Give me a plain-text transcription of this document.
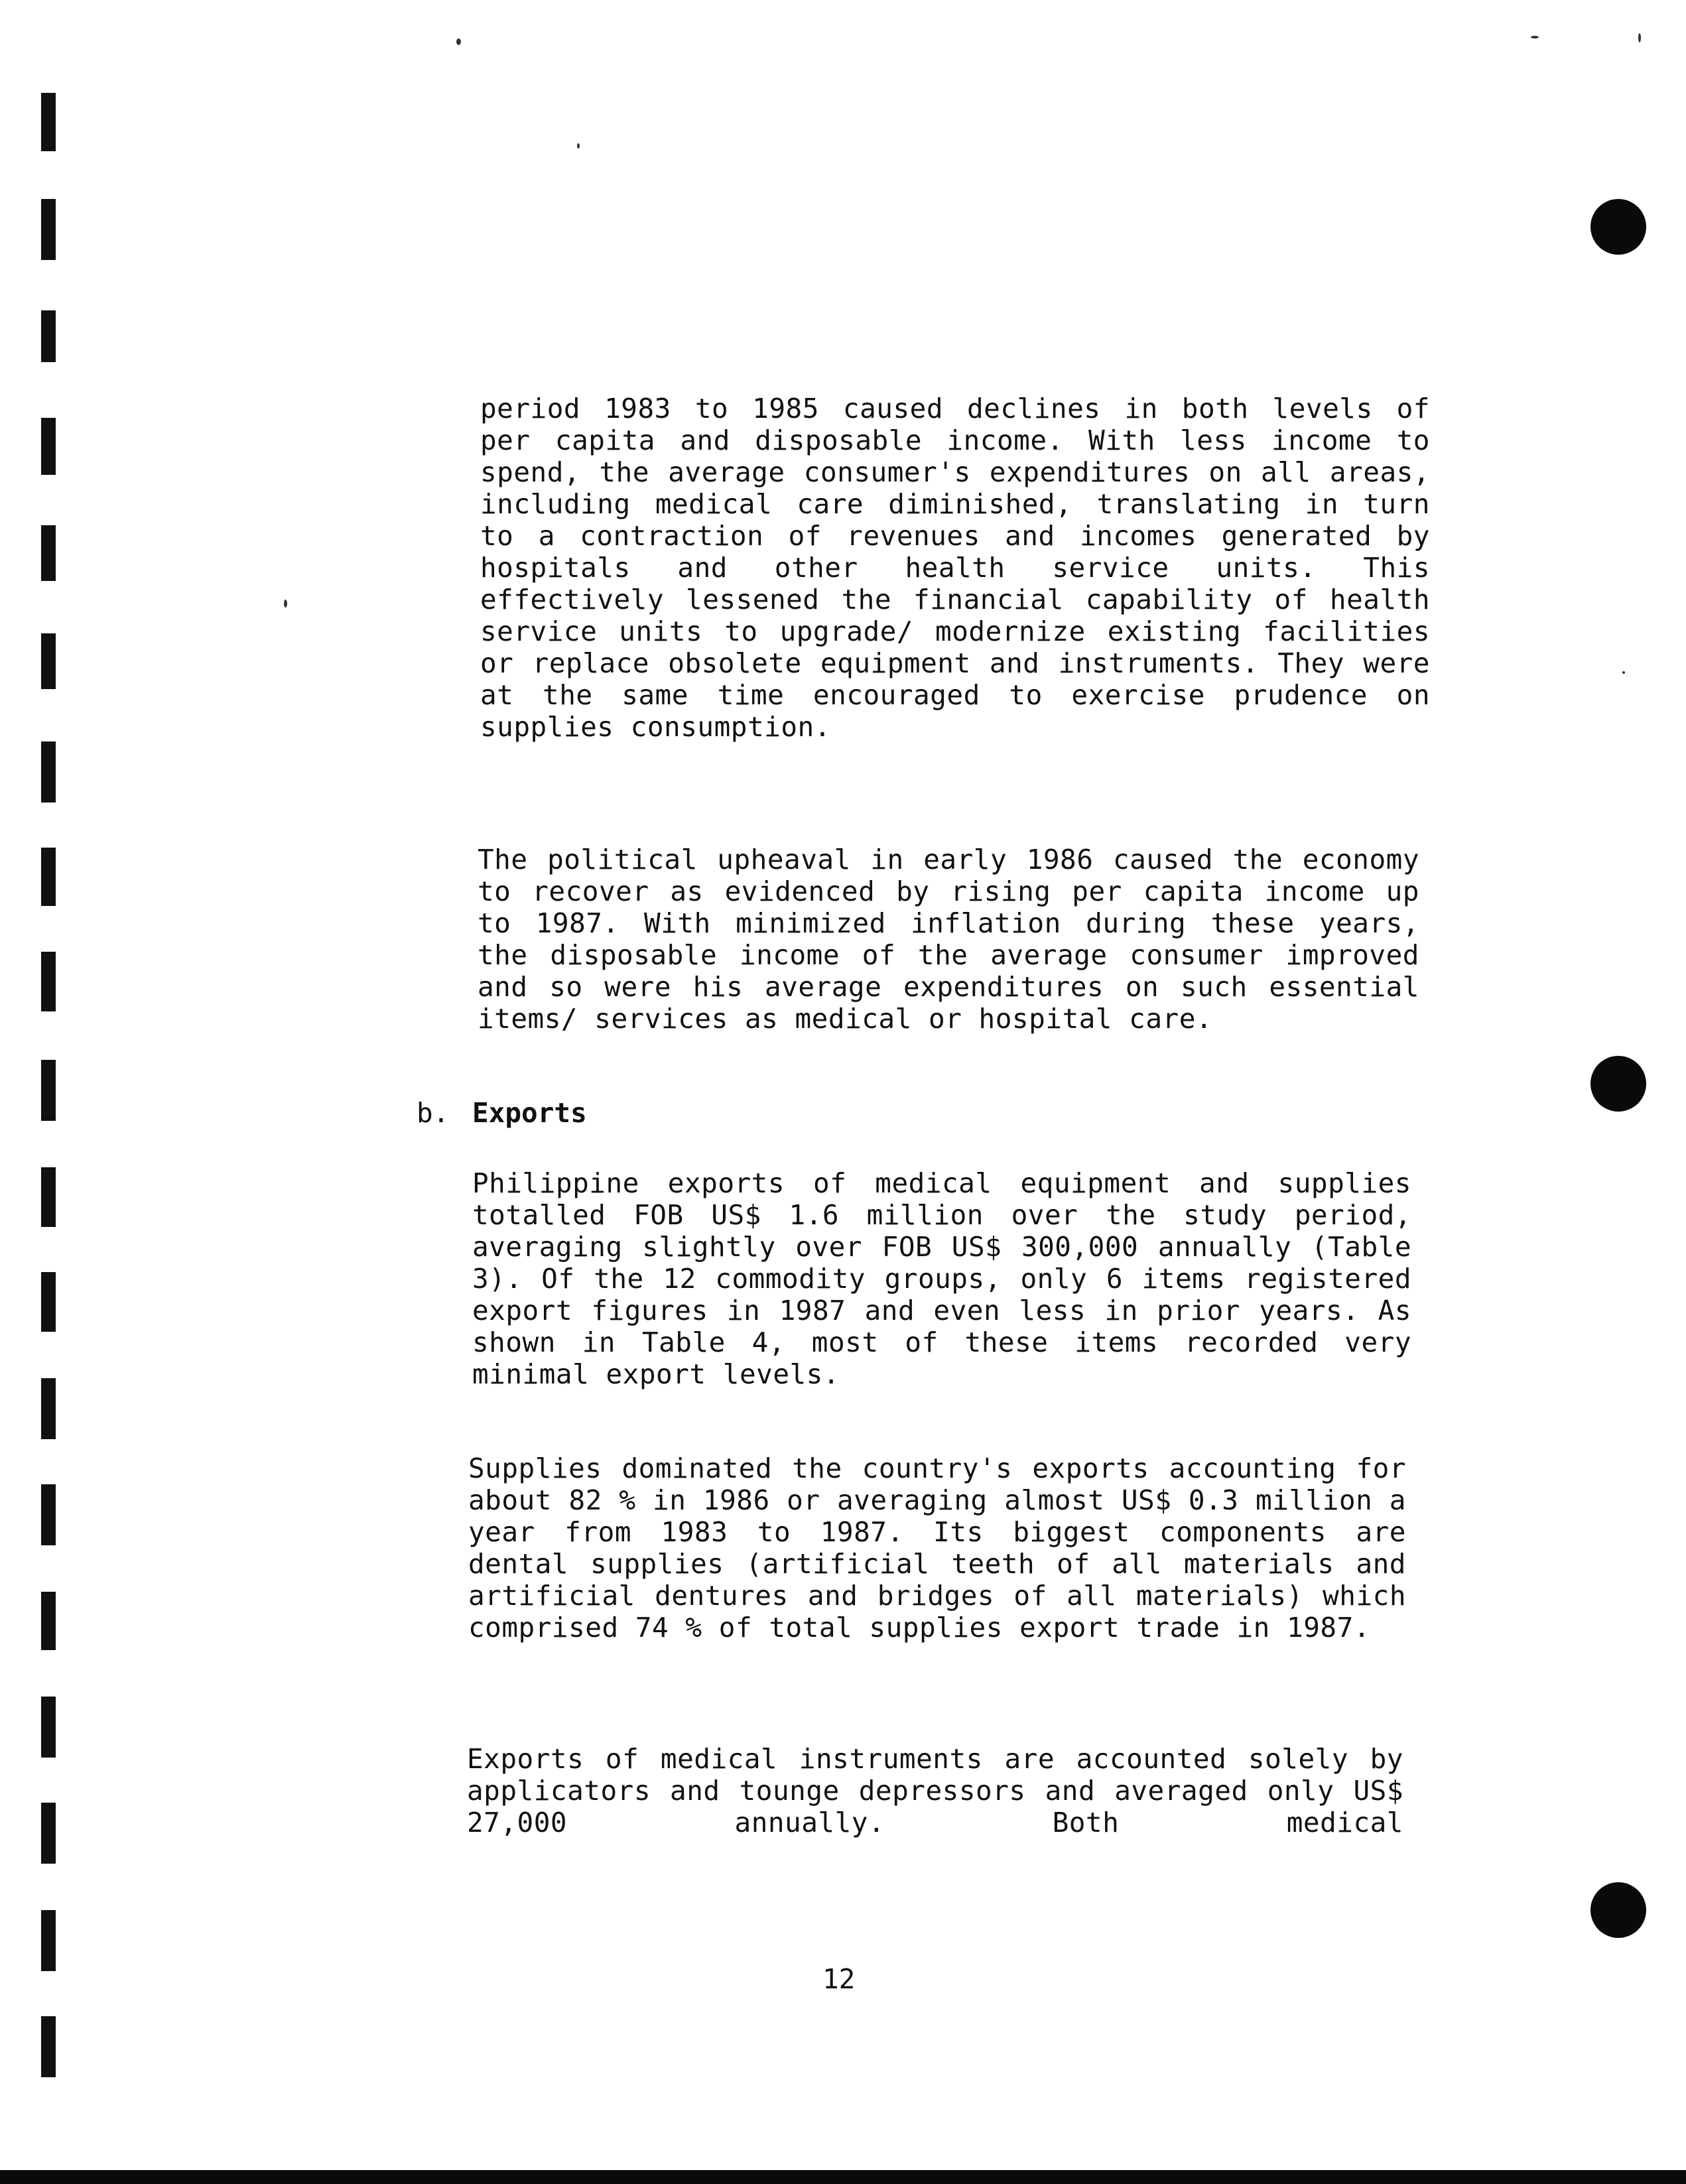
period 1983 to 1985 caused declines in both levels of per capita and disposable income. With less income to spend, the average consumer's expenditures on all areas, including medical care diminished, translating in turn to a contraction of revenues and incomes generated by hospitals and other health service units. This effectively lessened the financial capability of health service units to upgrade/ modernize existing facilities or replace obsolete equipment and instruments. They were at the same time encouraged to exercise prudence on supplies consumption.

The political upheaval in early 1986 caused the economy to recover as evidenced by rising per capita income up to 1987. With minimized inflation during these years, the disposable income of the average consumer improved and so were his average expenditures on such essential items/ services as medical or hospital care.

b. Exports

Philippine exports of medical equipment and supplies totalled FOB US$ 1.6 million over the study period, averaging slightly over FOB US$ 300,000 annually (Table 3). Of the 12 commodity groups, only 6 items registered export figures in 1987 and even less in prior years. As shown in Table 4, most of these items recorded very minimal export levels.

Supplies dominated the country's exports accounting for about 82 % in 1986 or averaging almost US$ 0.3 million a year from 1983 to 1987. Its biggest components are dental supplies (artificial teeth of all materials and artificial dentures and bridges of all materials) which comprised 74 % of total supplies export trade in 1987.

Exports of medical instruments are accounted solely by applicators and tounge depressors and averaged only US$ 27,000 annually. Both medical

12
